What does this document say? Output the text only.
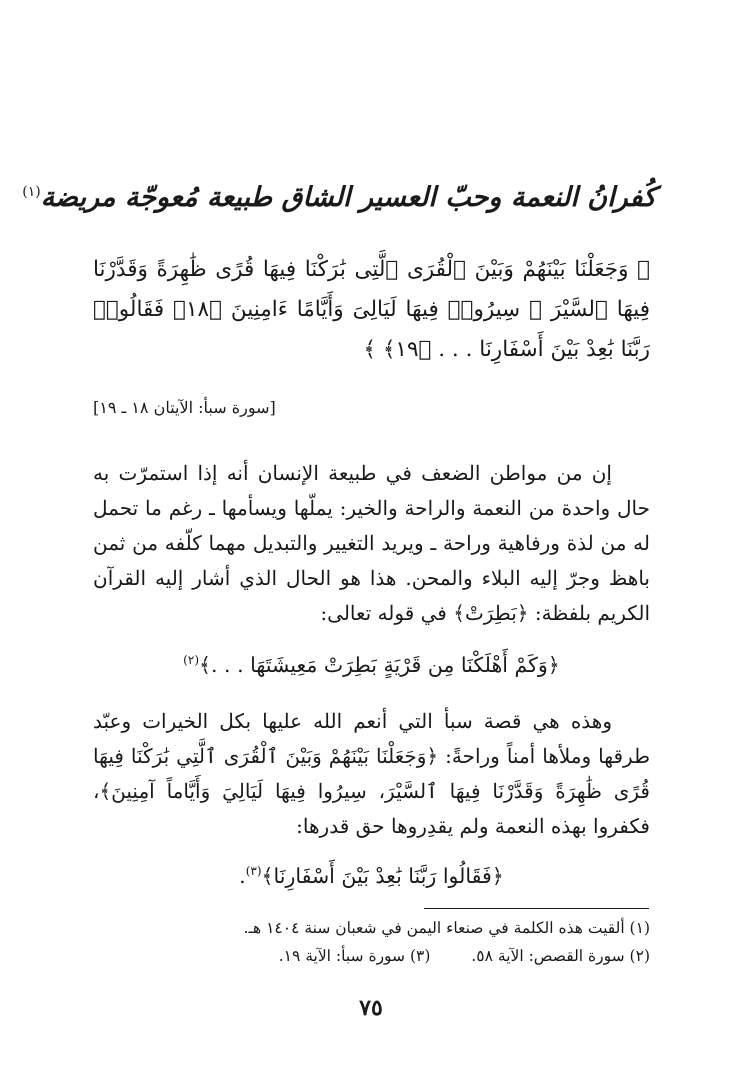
كُفرانُ النعمة وحبّ العسير الشاق طبيعة مُعوجّة مريضة$^{(١)}$
﴿ وَجَعَلْنَا بَيْنَهُمْ وَبَيْنَ ٱلْقُرَى ٱلَّتِى بَٰرَكْنَا فِيهَا قُرًى ظَٰهِرَةً وَقَدَّرْنَا فِيهَا ٱلسَّيْرَ ۖ سِيرُوا۟ فِيهَا لَيَالِىَ وَأَيَّامًا ءَامِنِينَ ﴿١٨﴾ فَقَالُوا۟ رَبَّنَا بَٰعِدْ بَيْنَ أَسْفَارِنَا . . . ﴿١٩﴾ ﴾
[سورة سبأ: الآيتان ١٨ ـ ١٩]
إن من مواطن الضعف في طبيعة الإنسان أنه إذا استمرّت به حال واحدة من النعمة والراحة والخير: يملّها ويسأمها ـ رغم ما تحمل له من لذة ورفاهية وراحة ـ ويريد التغيير والتبديل مهما كلّفه من ثمن باهظ وجرّ إليه البلاء والمحن. هذا هو الحال الذي أشار إليه القرآن الكريم بلفظة: ﴿بَطِرَتْ﴾ في قوله تعالى:
﴿وَكَمْ أَهْلَكْنَا مِن قَرْيَةٍ بَطِرَتْ مَعِيشَتَهَا . . .﴾$^{(٢)}$
وهذه هي قصة سبأ التي أنعم الله عليها بكل الخيرات وعبّد طرقها وملأها أمناً وراحةً: ﴿وَجَعَلْنَا بَيْنَهُمْ وَبَيْنَ ٱلْقُرَى ٱلَّتِي بَٰرَكْنَا فِيهَا قُرًى ظَٰهِرَةً وَقَدَّرْنَا فِيهَا ٱلسَّيْرَ، سِيرُوا فِيهَا لَيَالِيَ وَأَيَّاماً آمِنِينَ﴾، فكفروا بهذه النعمة ولم يقدِروها حق قدرها:
﴿فَقَالُوا رَبَّنَا بَٰعِدْ بَيْنَ أَسْفَارِنَا﴾$^{(٣)}$.
(١) ألقيت هذه الكلمة في صنعاء اليمن في شعبان سنة ١٤٠٤ هـ.
(٢) سورة القصص: الآية ٥٨. (٣) سورة سبأ: الآية ١٩.
٧٥
